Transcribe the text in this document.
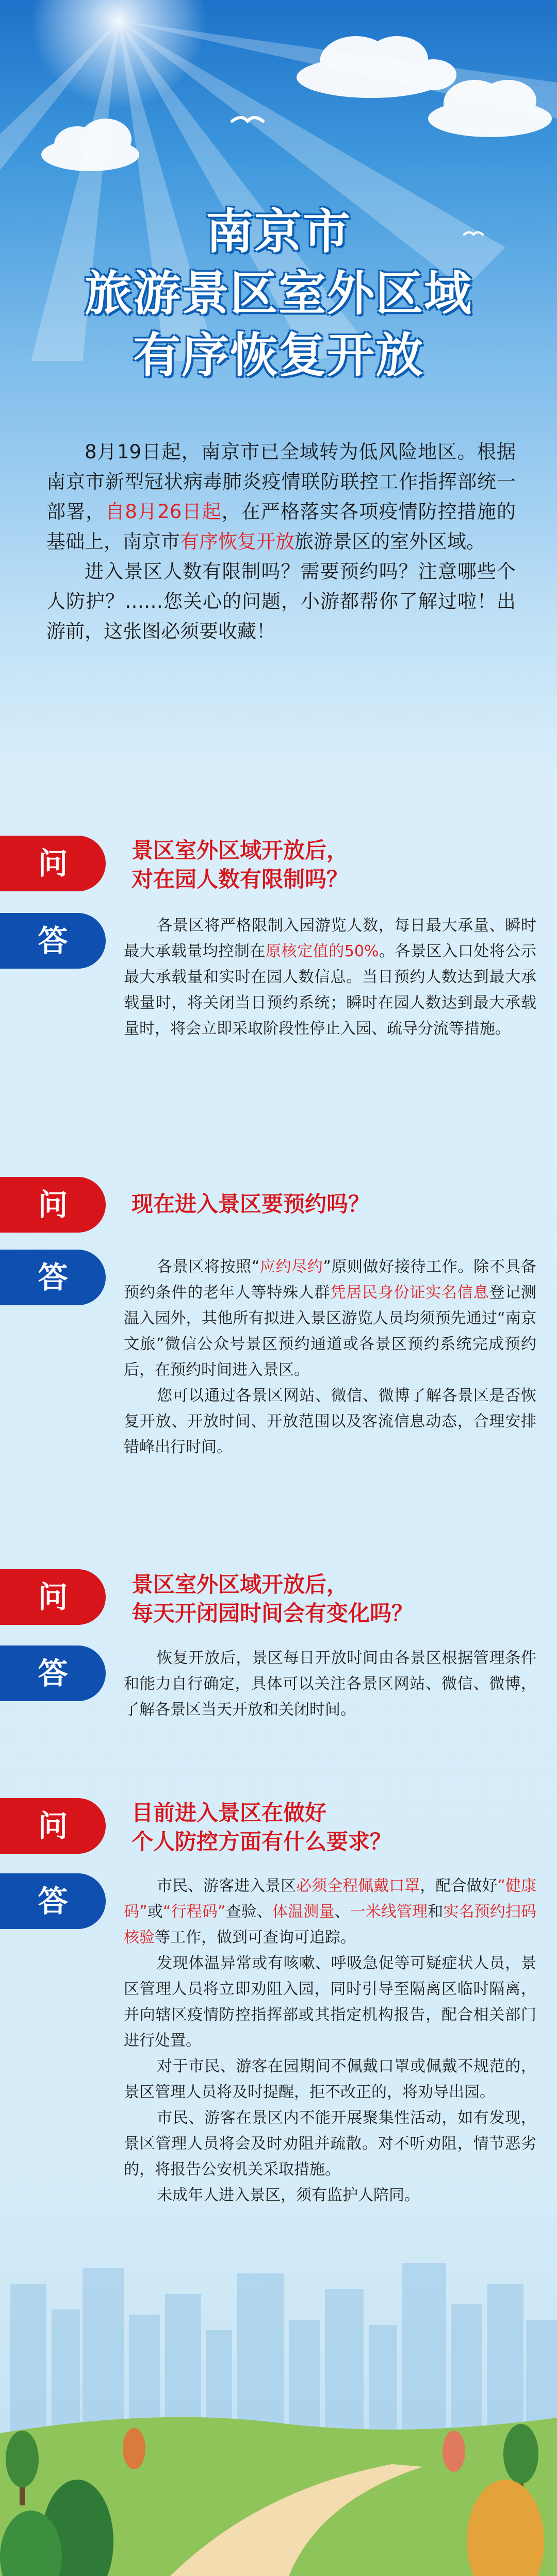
南京市
旅游景区室外区域
有序恢复开放

8月19日起，南京市已全域转为低风险地区。根据南京市新型冠状病毒肺炎疫情联防联控工作指挥部统一部署，自8月26日起，在严格落实各项疫情防控措施的基础上，南京市有序恢复开放旅游景区的室外区域。

进入景区人数有限制吗？需要预约吗？注意哪些个人防护？……您关心的问题，小游都帮你了解过啦！出游前，这张图必须要收藏！

问	景区室外区域开放后，
对在园人数有限制吗？
答	各景区将严格限制入园游览人数，每日最大承量、瞬时最大承载量均控制在原核定值的50%。各景区入口处将公示最大承载量和实时在园人数信息。当日预约人数达到最大承载量时，将关闭当日预约系统；瞬时在园人数达到最大承载量时，将会立即采取阶段性停止入园、疏导分流等措施。

问	现在进入景区要预约吗？
答	各景区将按照“应约尽约”原则做好接待工作。除不具备预约条件的老年人等特殊人群凭居民身份证实名信息登记测温入园外，其他所有拟进入景区游览人员均须预先通过“南京文旅”微信公众号景区预约通道或各景区预约系统完成预约后，在预约时间进入景区。

您可以通过各景区网站、微信、微博了解各景区是否恢复开放、开放时间、开放范围以及客流信息动态，合理安排错峰出行时间。

问	景区室外区域开放后，
每天开闭园时间会有变化吗？
答	恢复开放后，景区每日开放时间由各景区根据管理条件和能力自行确定，具体可以关注各景区网站、微信、微博，了解各景区当天开放和关闭时间。

问	目前进入景区在做好
个人防控方面有什么要求？
答	市民、游客进入景区必须全程佩戴口罩，配合做好“健康码”或“行程码”查验、体温测量、一米线管理和实名预约扫码核验等工作，做到可查询可追踪。

发现体温异常或有咳嗽、呼吸急促等可疑症状人员，景区管理人员将立即劝阻入园，同时引导至隔离区临时隔离，并向辖区疫情防控指挥部或其指定机构报告，配合相关部门进行处置。

对于市民、游客在园期间不佩戴口罩或佩戴不规范的，景区管理人员将及时提醒，拒不改正的，将劝导出园。

市民、游客在景区内不能开展聚集性活动，如有发现，景区管理人员将会及时劝阻并疏散。对不听劝阻，情节恶劣的，将报告公安机关采取措施。

未成年人进入景区，须有监护人陪同。
